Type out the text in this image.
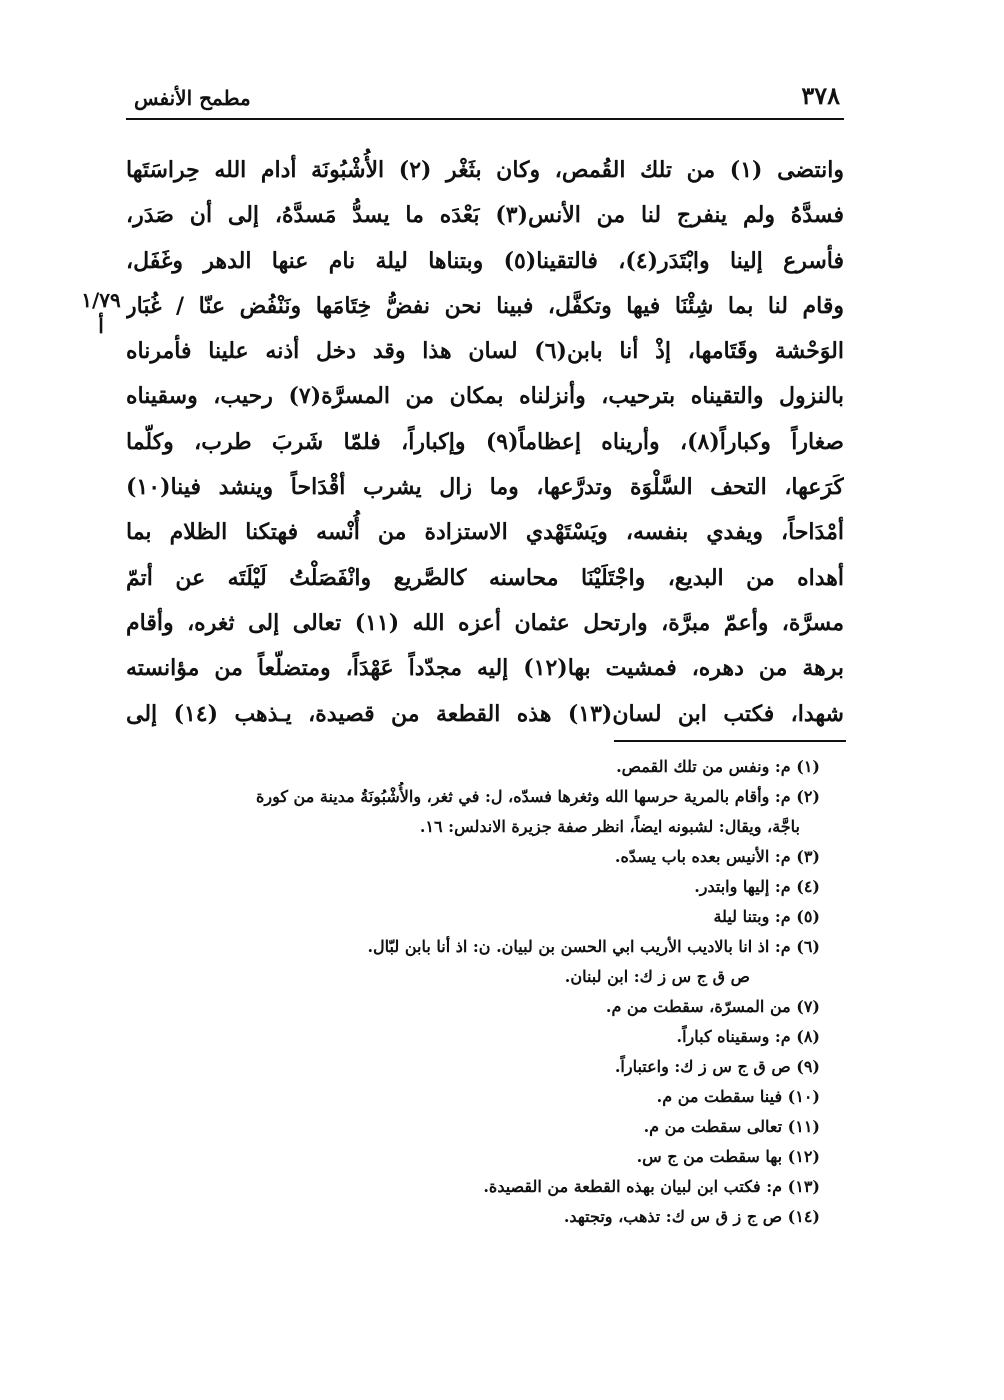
٣٧٨
مطمح الأنفس
١/٧٩ أ
وانتضى (١) من تلك القُمص، وكان بثَغْر (٢) الأُشْبُونَة أدام الله حِراسَتَها
فسدَّهُ ولم ينفرج لنا من الأنس(٣) بَعْدَه ما يسدُّ مَسدَّهُ، إلى أن صَدَر،
فأسرع إلينا وابْتَدَر(٤)، فالتقينا(٥) وبتناها ليلة نام عنها الدهر وغَفَل،
وقام لنا بما شِئْنَا فيها وتكفَّل، فبينا نحن نفضُّ خِتَامَها ونَنْفُض عنّا / غُبَار
الوَحْشة وقَتَامها، إذْ أنا بابن(٦) لسان هذا وقد دخل أذنه علينا فأمرناه
بالنزول والتقيناه بترحيب، وأنزلناه بمكان من المسرَّة(٧) رحيب، وسقيناه
صغاراً وكباراً(٨)، وأريناه إعظاماً(٩) وإكباراً، فلمّا شَربَ طرب، وكلّما
كَرَعها، التحف السَّلْوَة وتدرَّعها، وما زال يشرب أقْدَاحاً وينشد فينا(١٠)
أمْدَاحاً، ويفدي بنفسه، ويَسْتَهْدي الاستزادة من أُنْسه فهتكنا الظلام بما
أهداه من البديع، واجْتَلَيْنَا محاسنه كالصَّريع وانْفَصَلْتُ لَيْلَتَه عن أتمّ
مسرَّة، وأعمّ مبرَّة، وارتحل عثمان أعزه الله (١١) تعالى إلى ثغره، وأقام
برهة من دهره، فمشيت بها(١٢) إليه مجدّداً عَهْدَاً، ومتضلّعاً من مؤانسته
شهدا، فكتب ابن لسان(١٣) هذه القطعة من قصيدة، يـذهب (١٤) إلى
(١) م: ونفس من تلك القمص.
(٢) م: وأقام بالمرية حرسها الله وثغرها فسدّه، ل: في ثغر، والأُشْبُونَةُ مدينة من كورة
باجَّة، ويقال: لشبونه ايضاً، انظر صفة جزيرة الاندلس: ١٦.
(٣) م: الأنيس بعده باب يسدّه.
(٤) م: إليها وابتدر.
(٥) م: وبتنا ليلة
(٦) م: اذ انا بالاديب الأريب ابي الحسن بن لبيان. ن: اذ أنا بابن لبّال.
ص ق ج س ز ك: ابن لبنان.
(٧) من المسرّة، سقطت من م.
(٨) م: وسقيناه كباراً.
(٩) ص ق ج س ز ك: واعتباراً.
(١٠) فينا سقطت من م.
(١١) تعالى سقطت من م.
(١٢) بها سقطت من ج س.
(١٣) م: فكتب ابن لبيان بهذه القطعة من القصيدة.
(١٤) ص ج ز ق س ك: تذهب، وتجتهد.
